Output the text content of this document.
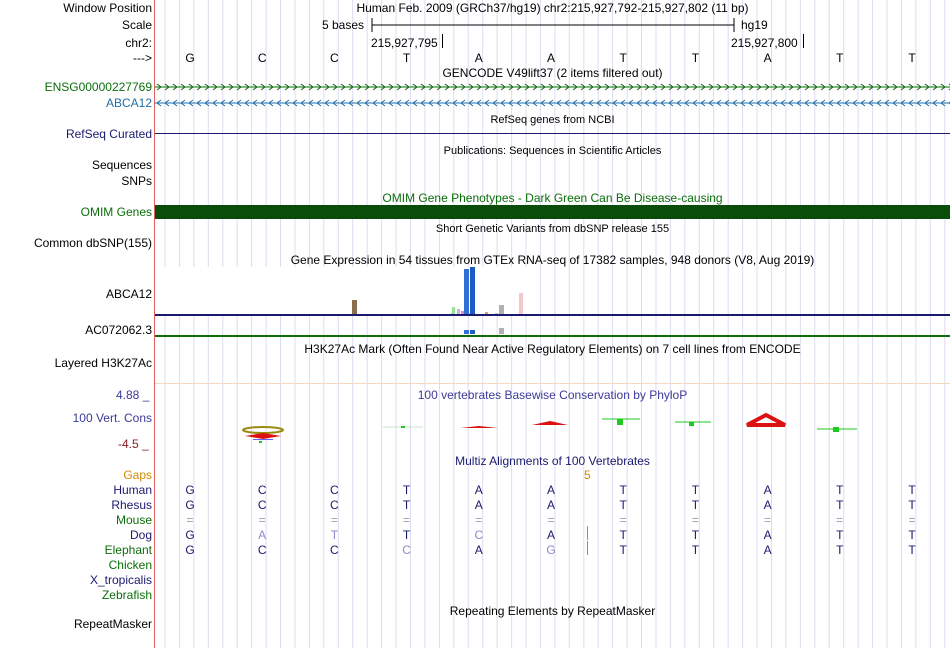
Window Position	Human Feb. 2009 (GRCh37/hg19) chr2:215,927,792-215,927,802 (11 bp)
Scale	5 bases	hg19
chr2:	215,927,795	215,927,800
--->	G	C	C	T	A	A	T	T	A	T	T
GENCODE V49lift37 (2 items filtered out)
ENSG00000227769
ABCA12
RefSeq genes from NCBI
RefSeq Curated
Publications: Sequences in Scientific Articles
Sequences
SNPs
OMIM Gene Phenotypes - Dark Green Can Be Disease-causing
OMIM Genes
Short Genetic Variants from dbSNP release 155
Common dbSNP(155)
Gene Expression in 54 tissues from GTEx RNA-seq of 17382 samples, 948 donors (V8, Aug 2019)
ABCA12
AC072062.3
H3K27Ac Mark (Often Found Near Active Regulatory Elements) on 7 cell lines from ENCODE
Layered H3K27Ac
100 vertebrates Basewise Conservation by PhyloP
4.88 _
100 Vert. Cons
-4.5 _
Multiz Alignments of 100 Vertebrates
Gaps	5
Human	G	C	C	T	A	A	T	T	A	T	T
Rhesus	G	C	C	T	A	A	T	T	A	T	T
Mouse	=	=	=	=	=	=	=	=	=	=	=
Dog	G	A	T	T	C	A	T	T	A	T	T
Elephant	G	C	C	C	A	G	T	T	A	T	T
Chicken
X_tropicalis
Zebrafish
Repeating Elements by RepeatMasker
RepeatMasker
